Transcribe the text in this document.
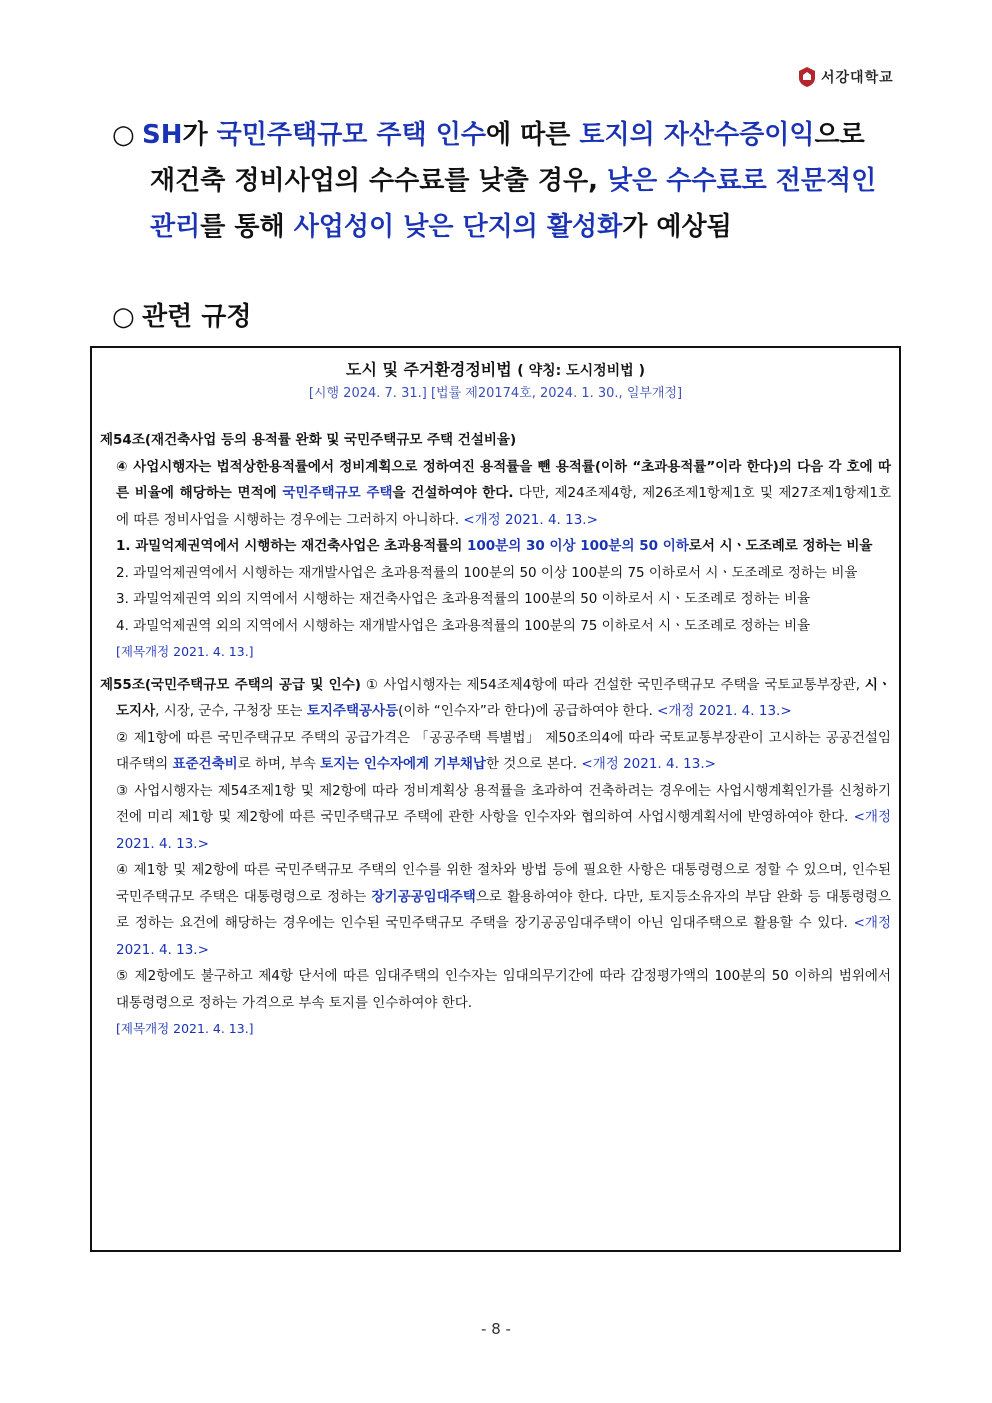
서강대학교
○ SH가 국민주택규모 주택 인수에 따른 토지의 자산수증이익으로
재건축 정비사업의 수수료를 낮출 경우, 낮은 수수료로 전문적인
관리를 통해 사업성이 낮은 단지의 활성화가 예상됨
○ 관련 규정
도시 및 주거환경정비법 ( 약칭: 도시정비법 )
[시행 2024. 7. 31.] [법률 제20174호, 2024. 1. 30., 일부개정]
제54조(재건축사업 등의 용적률 완화 및 국민주택규모 주택 건설비율)
④ 사업시행자는 법적상한용적률에서 정비계획으로 정하여진 용적률을 뺀 용적률(이하 “초과용적률”이라 한다)의 다음 각 호에 따른 비율에 해당하는 면적에 국민주택규모 주택을 건설하여야 한다. 다만, 제24조제4항, 제26조제1항제1호 및 제27조제1항제1호에 따른 정비사업을 시행하는 경우에는 그러하지 아니하다. <개정 2021. 4. 13.>
1. 과밀억제권역에서 시행하는 재건축사업은 초과용적률의 100분의 30 이상 100분의 50 이하로서 시ㆍ도조례로 정하는 비율
2. 과밀억제권역에서 시행하는 재개발사업은 초과용적률의 100분의 50 이상 100분의 75 이하로서 시ㆍ도조례로 정하는 비율
3. 과밀억제권역 외의 지역에서 시행하는 재건축사업은 초과용적률의 100분의 50 이하로서 시ㆍ도조례로 정하는 비율
4. 과밀억제권역 외의 지역에서 시행하는 재개발사업은 초과용적률의 100분의 75 이하로서 시ㆍ도조례로 정하는 비율
[제목개정 2021. 4. 13.]
제55조(국민주택규모 주택의 공급 및 인수) ① 사업시행자는 제54조제4항에 따라 건설한 국민주택규모 주택을 국토교통부장관, 시ㆍ도지사, 시장, 군수, 구청장 또는 토지주택공사등(이하 “인수자”라 한다)에 공급하여야 한다. <개정 2021. 4. 13.>
② 제1항에 따른 국민주택규모 주택의 공급가격은 「공공주택 특별법」 제50조의4에 따라 국토교통부장관이 고시하는 공공건설임대주택의 표준건축비로 하며, 부속 토지는 인수자에게 기부채납한 것으로 본다. <개정 2021. 4. 13.>
③ 사업시행자는 제54조제1항 및 제2항에 따라 정비계획상 용적률을 초과하여 건축하려는 경우에는 사업시행계획인가를 신청하기 전에 미리 제1항 및 제2항에 따른 국민주택규모 주택에 관한 사항을 인수자와 협의하여 사업시행계획서에 반영하여야 한다. <개정 2021. 4. 13.>
④ 제1항 및 제2항에 따른 국민주택규모 주택의 인수를 위한 절차와 방법 등에 필요한 사항은 대통령령으로 정할 수 있으며, 인수된 국민주택규모 주택은 대통령령으로 정하는 장기공공임대주택으로 활용하여야 한다. 다만, 토지등소유자의 부담 완화 등 대통령령으로 정하는 요건에 해당하는 경우에는 인수된 국민주택규모 주택을 장기공공임대주택이 아닌 임대주택으로 활용할 수 있다. <개정 2021. 4. 13.>
⑤ 제2항에도 불구하고 제4항 단서에 따른 임대주택의 인수자는 임대의무기간에 따라 감정평가액의 100분의 50 이하의 범위에서 대통령령으로 정하는 가격으로 부속 토지를 인수하여야 한다.
[제목개정 2021. 4. 13.]
- 8 -
